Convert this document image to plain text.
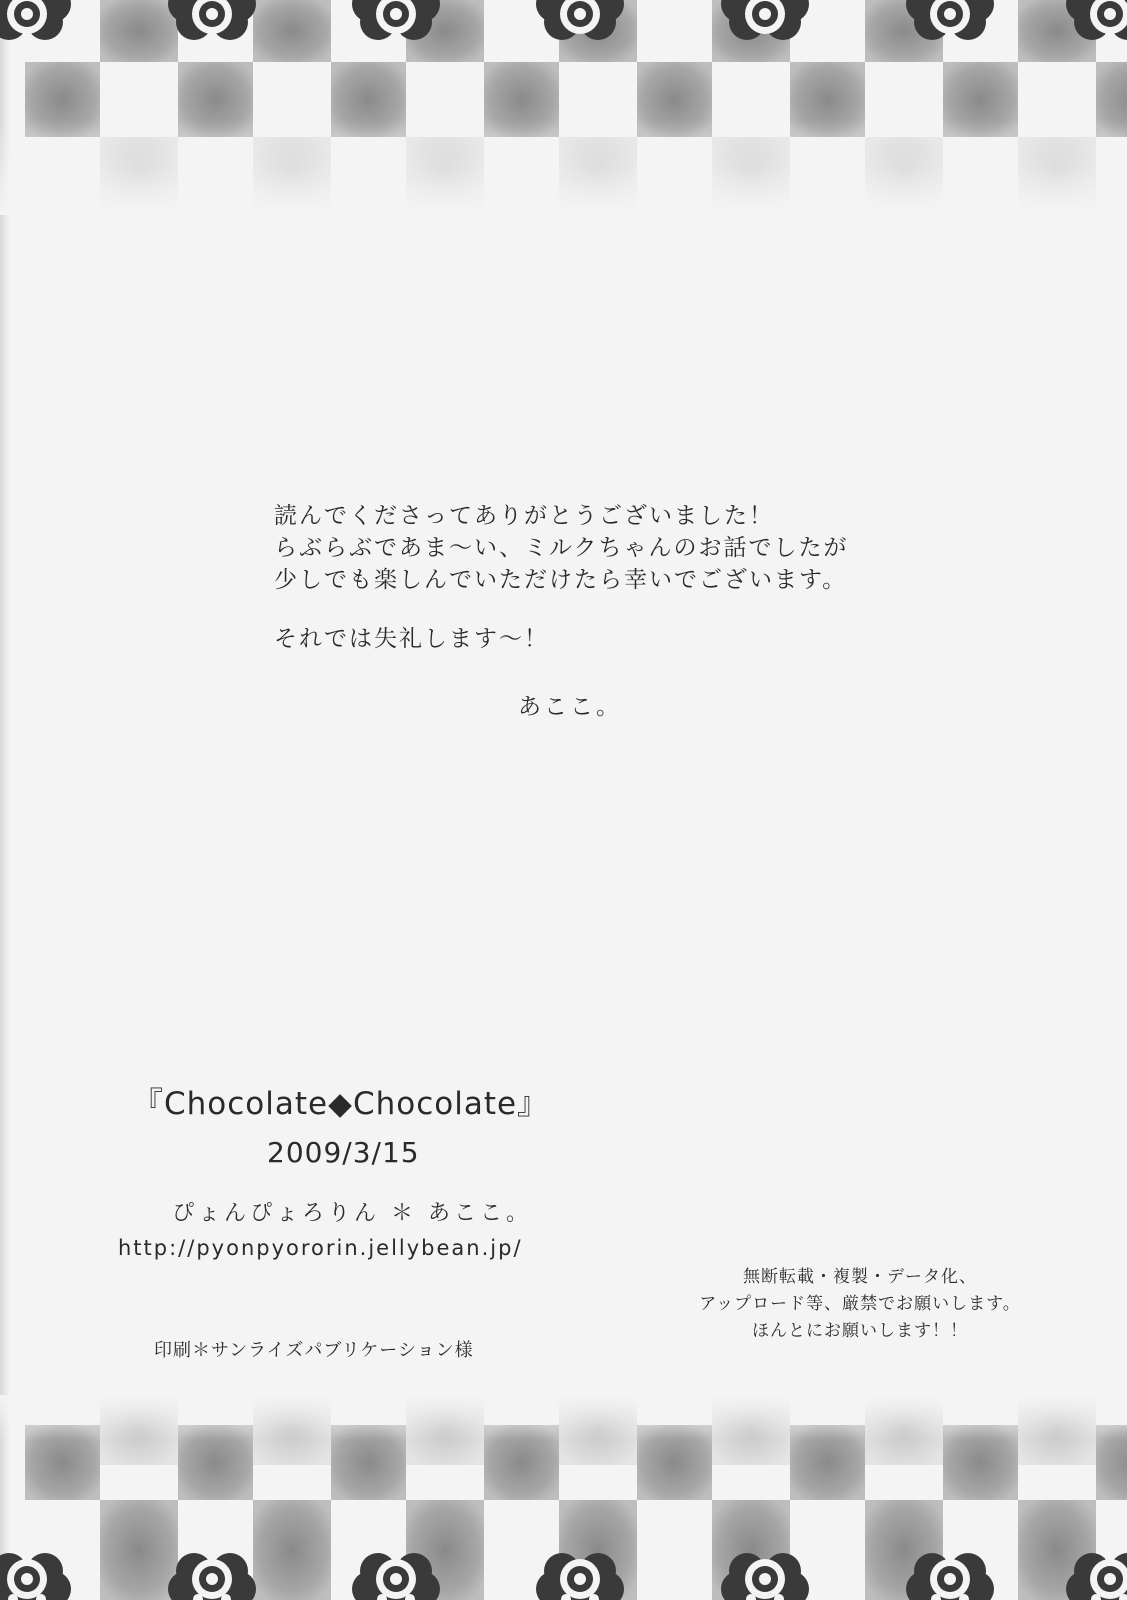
読んでくださってありがとうございました！
らぶらぶであま～い、ミルクちゃんのお話でしたが
少しでも楽しんでいただけたら幸いでございます。
それでは失礼します～！
あここ。
『Chocolate◆Chocolate』
2009/3/15
ぴょんぴょろりん ＊ あここ。
http://pyonpyororin.jellybean.jp/
印刷＊サンライズパブリケーション様
無断転載・複製・データ化、
アップロード等、厳禁でお願いします。
ほんとにお願いします！！
